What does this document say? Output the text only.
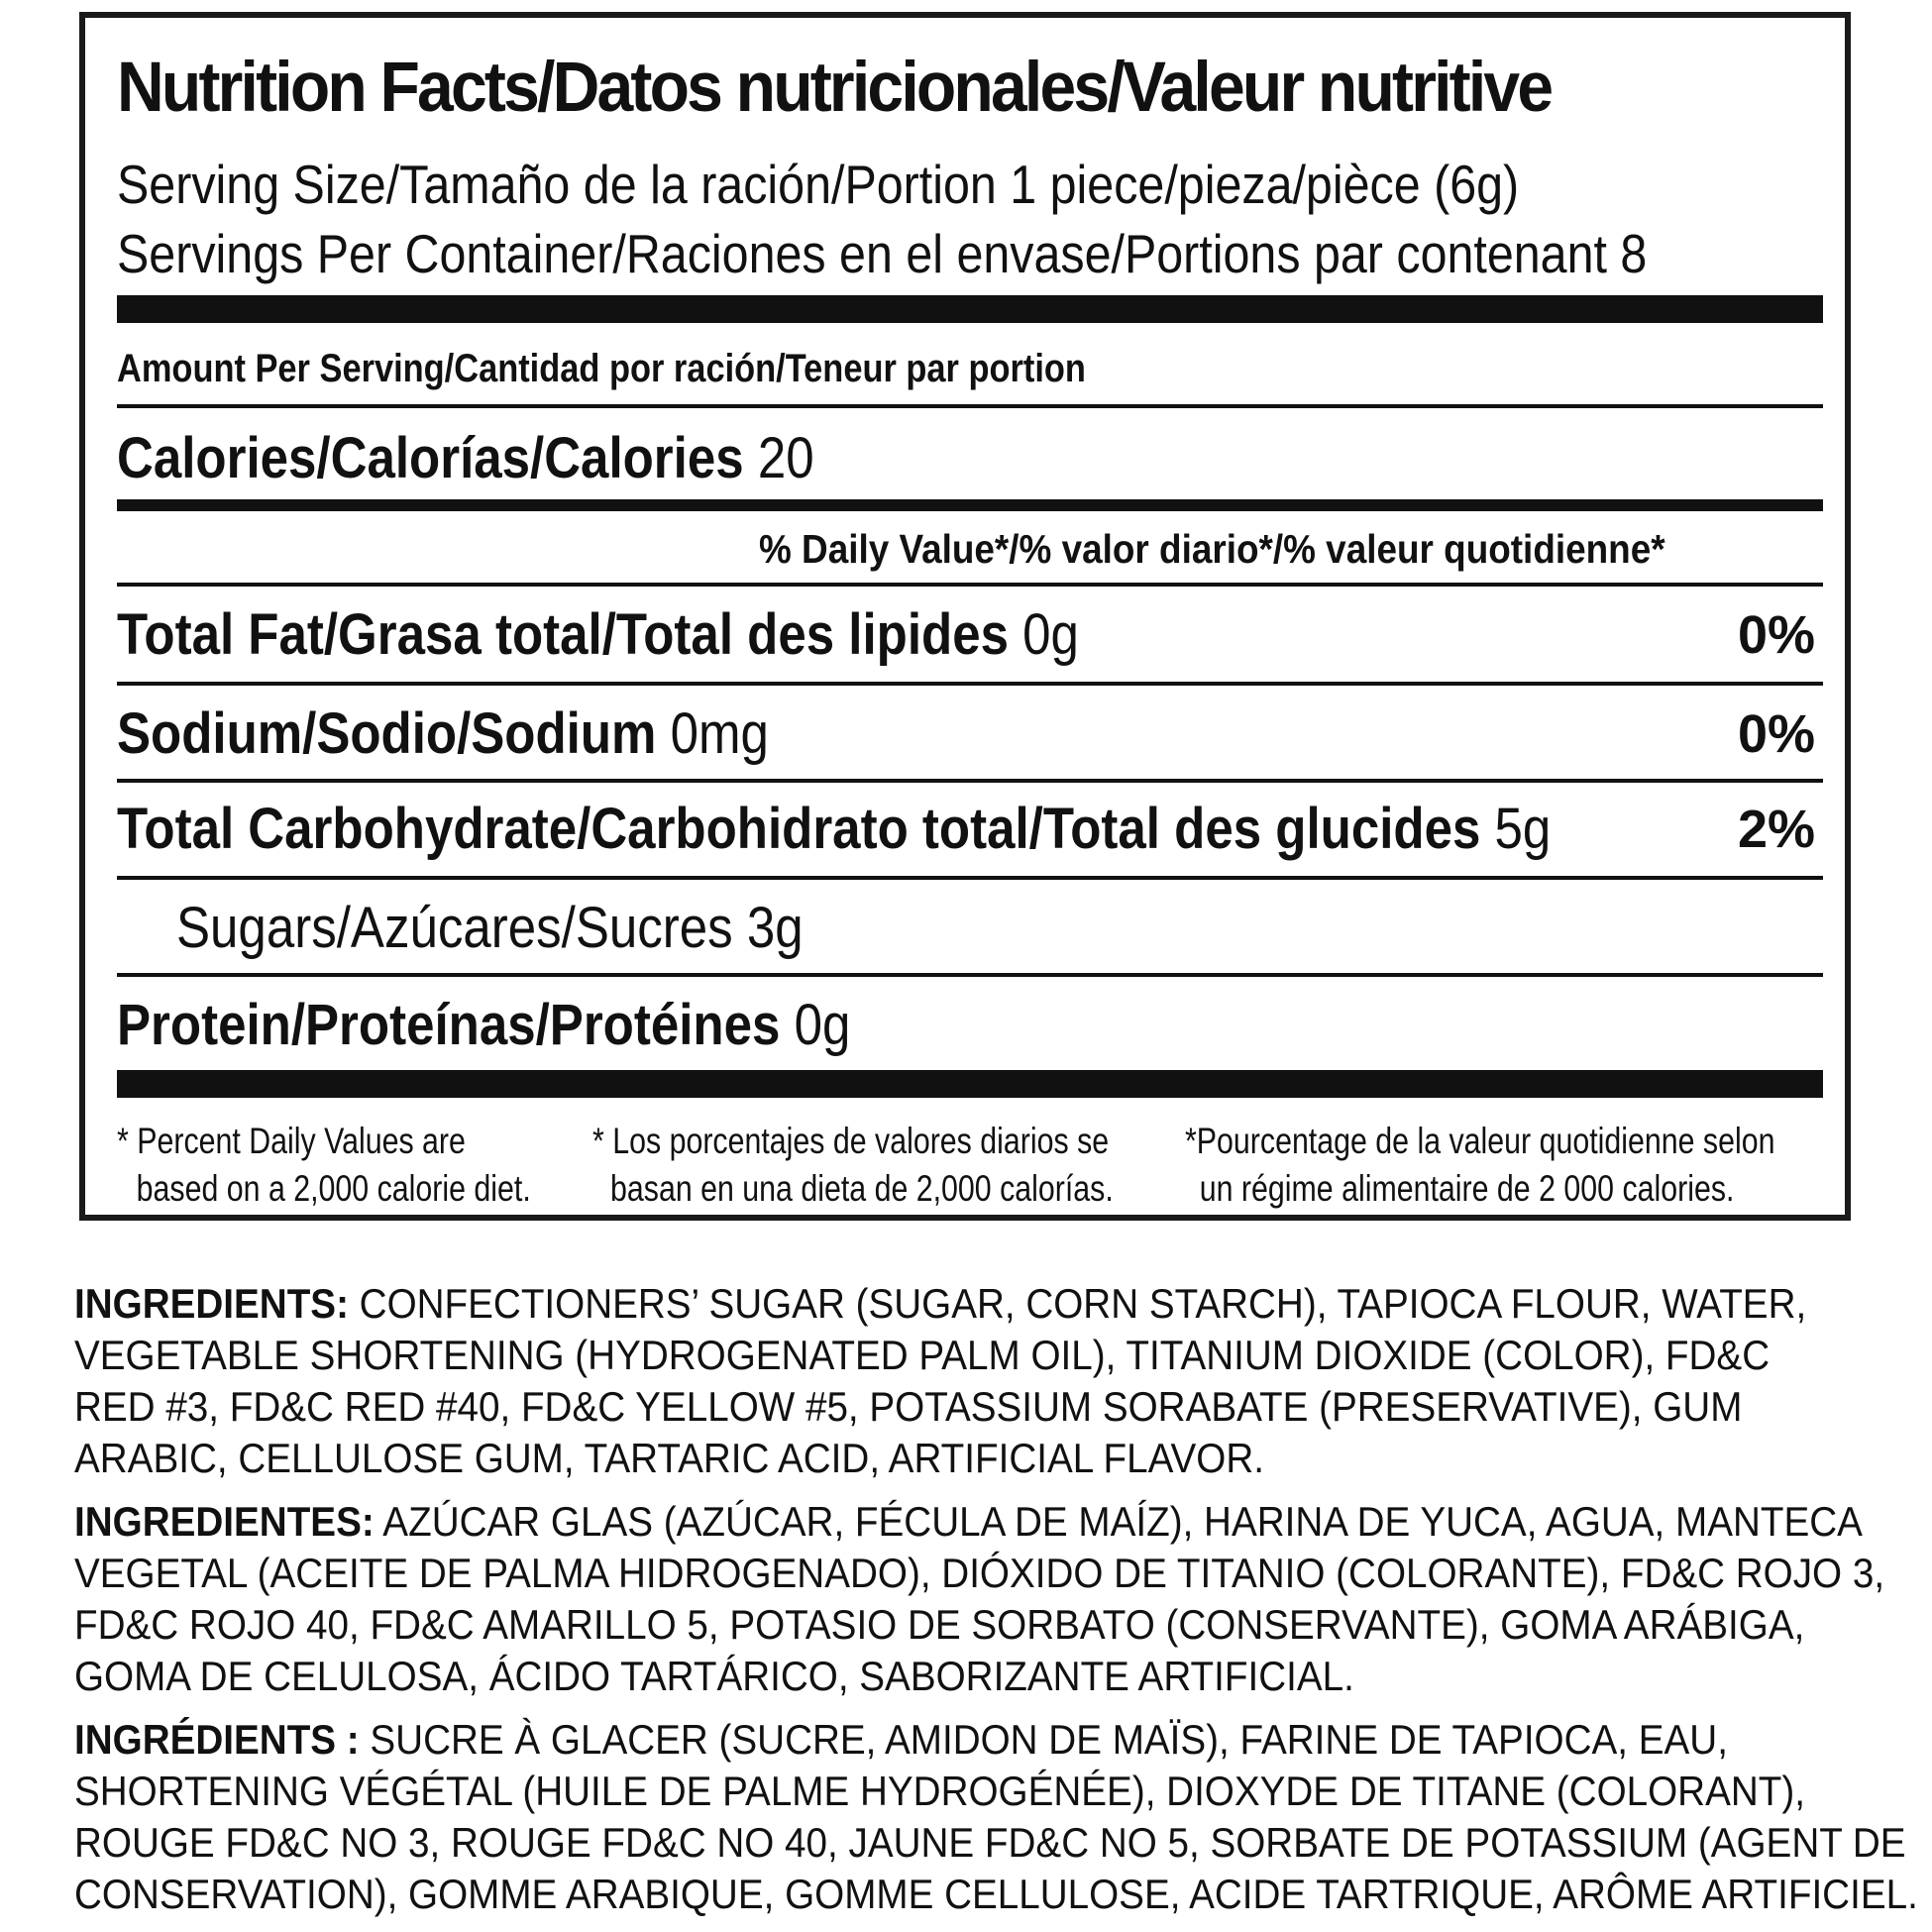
Nutrition Facts/Datos nutricionales/Valeur nutritive
Serving Size/Tamaño de la ración/Portion 1 piece/pieza/pièce (6g)
Servings Per Container/Raciones en el envase/Portions par contenant 8
Amount Per Serving/Cantidad por ración/Teneur par portion
Calories/Calorías/Calories 20
% Daily Value*/% valor diario*/% valeur quotidienne*
Total Fat/Grasa total/Total des lipides 0g	0%
Sodium/Sodio/Sodium 0mg	0%
Total Carbohydrate/Carbohidrato total/Total des glucides 5g	2%
Sugars/Azúcares/Sucres 3g
Protein/Proteínas/Protéines 0g
* Percent Daily Values are
based on a 2,000 calorie diet.
* Los porcentajes de valores diarios se
basan en una dieta de 2,000 calorías.
*Pourcentage de la valeur quotidienne selon
un régime alimentaire de 2 000 calories.
INGREDIENTS: CONFECTIONERS’ SUGAR (SUGAR, CORN STARCH), TAPIOCA FLOUR, WATER,
VEGETABLE SHORTENING (HYDROGENATED PALM OIL), TITANIUM DIOXIDE (COLOR), FD&C
RED #3, FD&C RED #40, FD&C YELLOW #5, POTASSIUM SORABATE (PRESERVATIVE), GUM
ARABIC, CELLULOSE GUM, TARTARIC ACID, ARTIFICIAL FLAVOR.
INGREDIENTES: AZÚCAR GLAS (AZÚCAR, FÉCULA DE MAÍZ), HARINA DE YUCA, AGUA, MANTECA
VEGETAL (ACEITE DE PALMA HIDROGENADO), DIÓXIDO DE TITANIO (COLORANTE), FD&C ROJO 3,
FD&C ROJO 40, FD&C AMARILLO 5, POTASIO DE SORBATO (CONSERVANTE), GOMA ARÁBIGA,
GOMA DE CELULOSA, ÁCIDO TARTÁRICO, SABORIZANTE ARTIFICIAL.
INGRÉDIENTS : SUCRE À GLACER (SUCRE, AMIDON DE MAÏS), FARINE DE TAPIOCA, EAU,
SHORTENING VÉGÉTAL (HUILE DE PALME HYDROGÉNÉE), DIOXYDE DE TITANE (COLORANT),
ROUGE FD&C NO 3, ROUGE FD&C NO 40, JAUNE FD&C NO 5, SORBATE DE POTASSIUM (AGENT DE
CONSERVATION), GOMME ARABIQUE, GOMME CELLULOSE, ACIDE TARTRIQUE, ARÔME ARTIFICIEL.
